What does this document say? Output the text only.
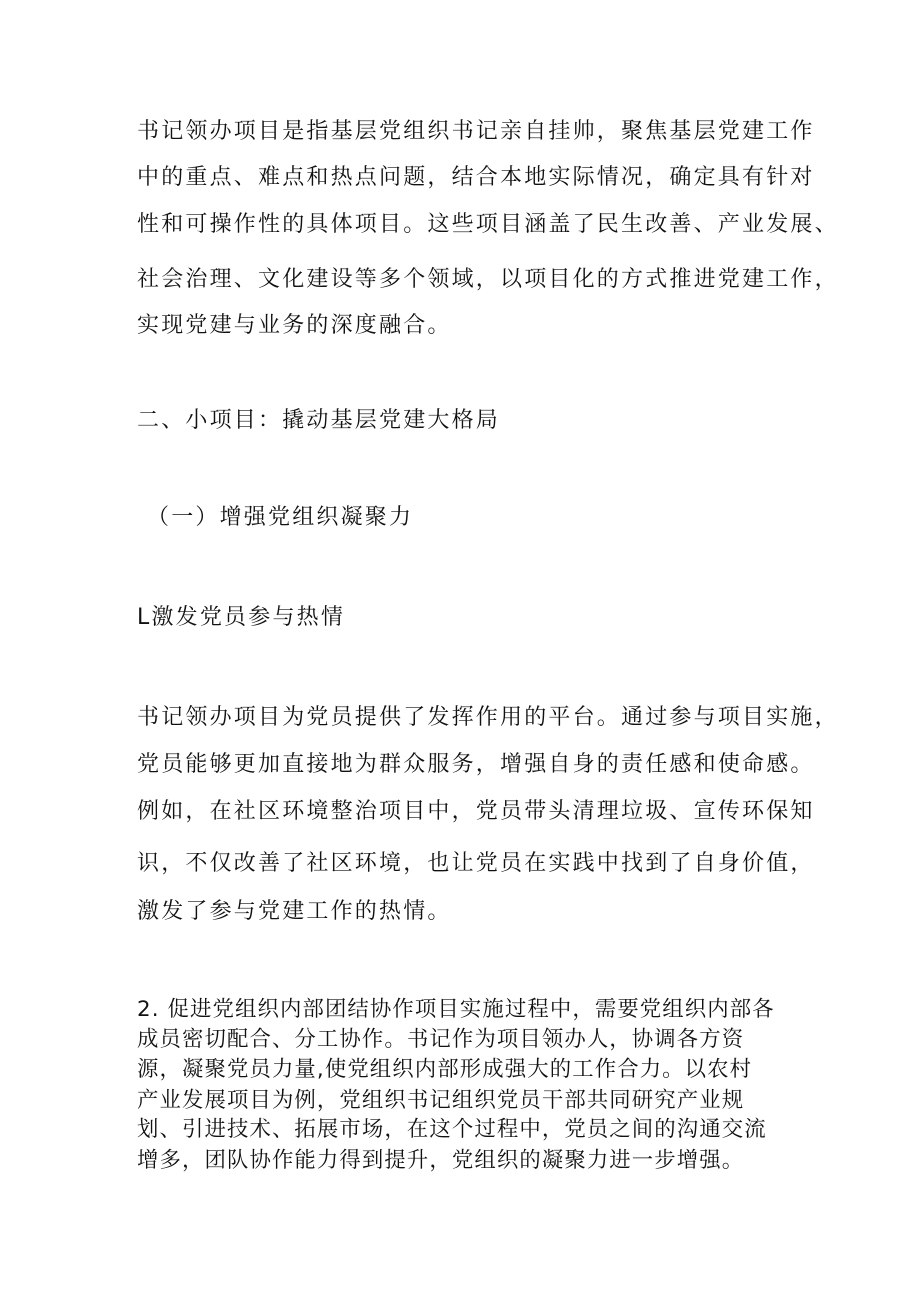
书记领办项目是指基层党组织书记亲自挂帅，聚焦基层党建工作
中的重点、难点和热点问题，结合本地实际情况，确定具有针对
性和可操作性的具体项目。这些项目涵盖了民生改善、产业发展、
社会治理、文化建设等多个领域，以项目化的方式推进党建工作，
实现党建与业务的深度融合。
二、小项目：撬动基层党建大格局
（一）增强党组织凝聚力
L激发党员参与热情
书记领办项目为党员提供了发挥作用的平台。通过参与项目实施，
党员能够更加直接地为群众服务，增强自身的责任感和使命感。
例如，在社区环境整治项目中，党员带头清理垃圾、宣传环保知
识，不仅改善了社区环境，也让党员在实践中找到了自身价值，
激发了参与党建工作的热情。
2. 促进党组织内部团结协作项目实施过程中，需要党组织内部各
成员密切配合、分工协作。书记作为项目领办人，协调各方资
源，凝聚党员力量,使党组织内部形成强大的工作合力。以农村
产业发展项目为例，党组织书记组织党员干部共同研究产业规
划、引进技术、拓展市场，在这个过程中，党员之间的沟通交流
增多，团队协作能力得到提升，党组织的凝聚力进一步增强。
